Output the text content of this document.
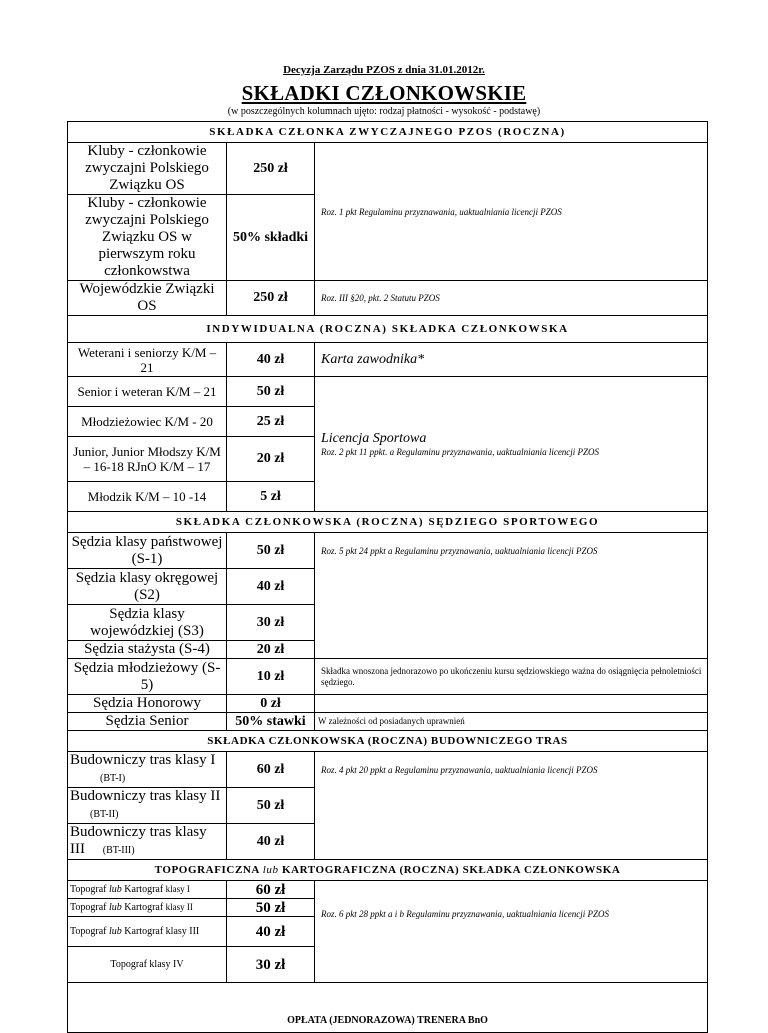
Decyzja Zarządu PZOS z dnia 31.01.2012r.
SKŁADKI CZŁONKOWSKIE
(w poszczególnych kolumnach ujęto: rodzaj płatności - wysokość - podstawę)
SKŁADKA CZŁONKA ZWYCZAJNEGO PZOS (ROCZNA)		
Kluby - członkowie zwyczajni Polskiego Związku OS	250 zł	Roz. 1 pkt Regulaminu przyznawania, uaktualniania licencji PZOS
Kluby - członkowie zwyczajni Polskiego Związku OS w pierwszym roku członkowstwa	50% składki	
Wojewódzkie Związki OS	250 zł	Roz. III §20, pkt. 2 Statutu PZOS
INDYWIDUALNA (ROCZNA) SKŁADKA CZŁONKOWSKA		
Weterani i seniorzy K/M – 21	40 zł	Karta zawodnika*
Senior i weteran K/M – 21	50 zł	Licencja Sportowa
Roz. 2 pkt 11 ppkt. a Regulaminu przyznawania, uaktualniania licencji PZOS

Młodzieżowiec K/M - 20	25 zł	
Junior, Junior Młodszy K/M – 16-18 RJnO K/M – 17	20 zł	
Młodzik K/M – 10 -14	5 zł	
SKŁADKA CZŁONKOWSKA (ROCZNA) SĘDZIEGO SPORTOWEGO		
Sędzia klasy państwowej (S-1)	50 zł	Roz. 5 pkt 24 ppkt a Regulaminu przyznawania, uaktualniania licencji PZOS
Sędzia klasy okręgowej (S2)	40 zł	
Sędzia klasy wojewódzkiej (S3)	30 zł	
Sędzia stażysta (S-4)	20 zł	
Sędzia młodzieżowy (S-5)	10 zł	Składka wnoszona jednorazowo po ukończeniu kursu sędziowskiego ważna do osiągnięcia pełnoletniości sędziego.
Sędzia Honorowy	0 zł	
Sędzia Senior	50% stawki	W zależności od posiadanych uprawnień
SKŁADKA CZŁONKOWSKA (ROCZNA) BUDOWNICZEGO TRAS		
Budowniczy tras klasy I
(BT-I)	60 zł	Roz. 4 pkt 20 ppkt a Regulaminu przyznawania, uaktualniania licencji PZOS
Budowniczy tras klasy II (BT-II)	50 zł	
Budowniczy tras klasy III (BT-III)	40 zł	
TOPOGRAFICZNA lub KARTOGRAFICZNA (ROCZNA) SKŁADKA CZŁONKOWSKA		
Topograf lub Kartograf klasy I	60 zł	Roz. 6 pkt 28 ppkt a i b Regulaminu przyznawania, uaktualniania licencji PZOS
Topograf lub Kartograf klasy II	50 zł	
Topograf lub Kartograf klasy III	40 zł	
Topograf klasy IV	30 zł	
OPŁATA (JEDNORAZOWA) TRENERA BnO		
